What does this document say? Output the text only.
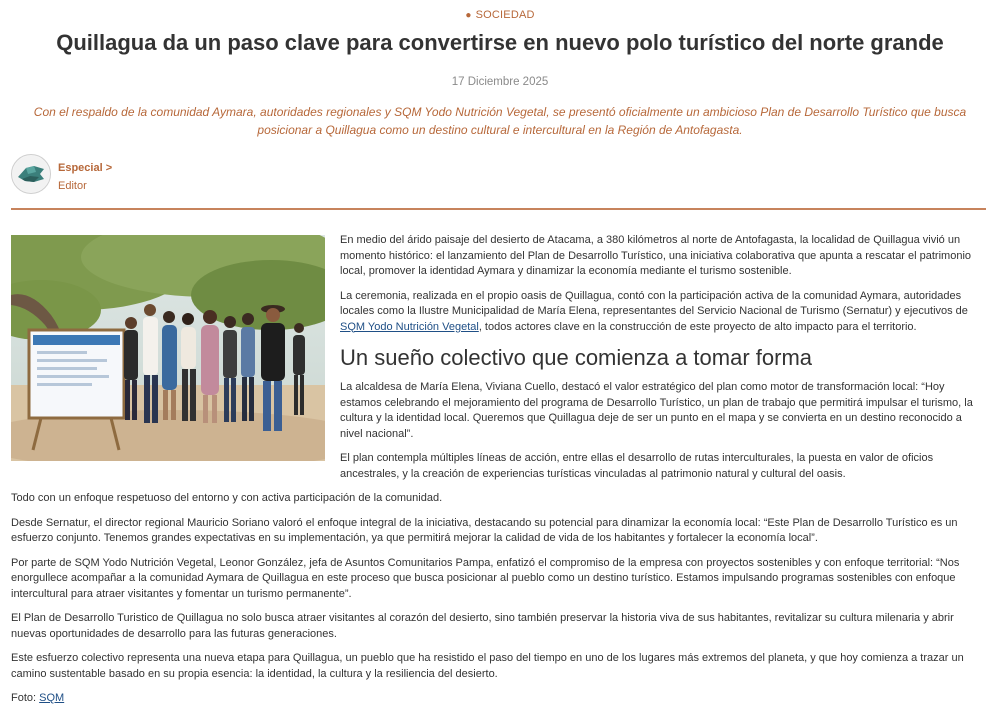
● SOCIEDAD
Quillagua da un paso clave para convertirse en nuevo polo turístico del norte grande
17 Diciembre 2025

Con el respaldo de la comunidad Aymara, autoridades regionales y SQM Yodo Nutrición Vegetal, se presentó oficialmente un ambicioso Plan de Desarrollo Turístico que busca posicionar a Quillagua como un destino cultural e intercultural en la Región de Antofagasta.

Especial >
Editor

En medio del árido paisaje del desierto de Atacama, a 380 kilómetros al norte de Antofagasta, la localidad de Quillagua vivió un momento histórico: el lanzamiento del Plan de Desarrollo Turístico, una iniciativa colaborativa que apunta a rescatar el patrimonio local, promover la identidad Aymara y dinamizar la economía mediante el turismo sostenible.

La ceremonia, realizada en el propio oasis de Quillagua, contó con la participación activa de la comunidad Aymara, autoridades locales como la Ilustre Municipalidad de María Elena, representantes del Servicio Nacional de Turismo (Sernatur) y ejecutivos de SQM Yodo Nutrición Vegetal, todos actores clave en la construcción de este proyecto de alto impacto para el territorio.

Un sueño colectivo que comienza a tomar forma

La alcaldesa de María Elena, Viviana Cuello, destacó el valor estratégico del plan como motor de transformación local: “Hoy estamos celebrando el mejoramiento del programa de Desarrollo Turístico, un plan de trabajo que permitirá impulsar el turismo, la cultura y la identidad local. Queremos que Quillagua deje de ser un punto en el mapa y se convierta en un destino reconocido a nivel nacional”.

El plan contempla múltiples líneas de acción, entre ellas el desarrollo de rutas interculturales, la puesta en valor de oficios ancestrales, y la creación de experiencias turísticas vinculadas al patrimonio natural y cultural del oasis.

Todo con un enfoque respetuoso del entorno y con activa participación de la comunidad.

Desde Sernatur, el director regional Mauricio Soriano valoró el enfoque integral de la iniciativa, destacando su potencial para dinamizar la economía local: “Este Plan de Desarrollo Turístico es un esfuerzo conjunto. Tenemos grandes expectativas en su implementación, ya que permitirá mejorar la calidad de vida de los habitantes y fortalecer la economía local”.

Por parte de SQM Yodo Nutrición Vegetal, Leonor González, jefa de Asuntos Comunitarios Pampa, enfatizó el compromiso de la empresa con proyectos sostenibles y con enfoque territorial: “Nos enorgullece acompañar a la comunidad Aymara de Quillagua en este proceso que busca posicionar al pueblo como un destino turístico. Estamos impulsando programas sostenibles con enfoque intercultural para atraer visitantes y fomentar un turismo permanente”.

El Plan de Desarrollo Turistico de Quillagua no solo busca atraer visitantes al corazón del desierto, sino también preservar la historia viva de sus habitantes, revitalizar su cultura milenaria y abrir nuevas oportunidades de desarrollo para las futuras generaciones.

Este esfuerzo colectivo representa una nueva etapa para Quillagua, un pueblo que ha resistido el paso del tiempo en uno de los lugares más extremos del planeta, y que hoy comienza a trazar un camino sustentable basado en su propia esencia: la identidad, la cultura y la resiliencia del desierto.

Foto: SQM
